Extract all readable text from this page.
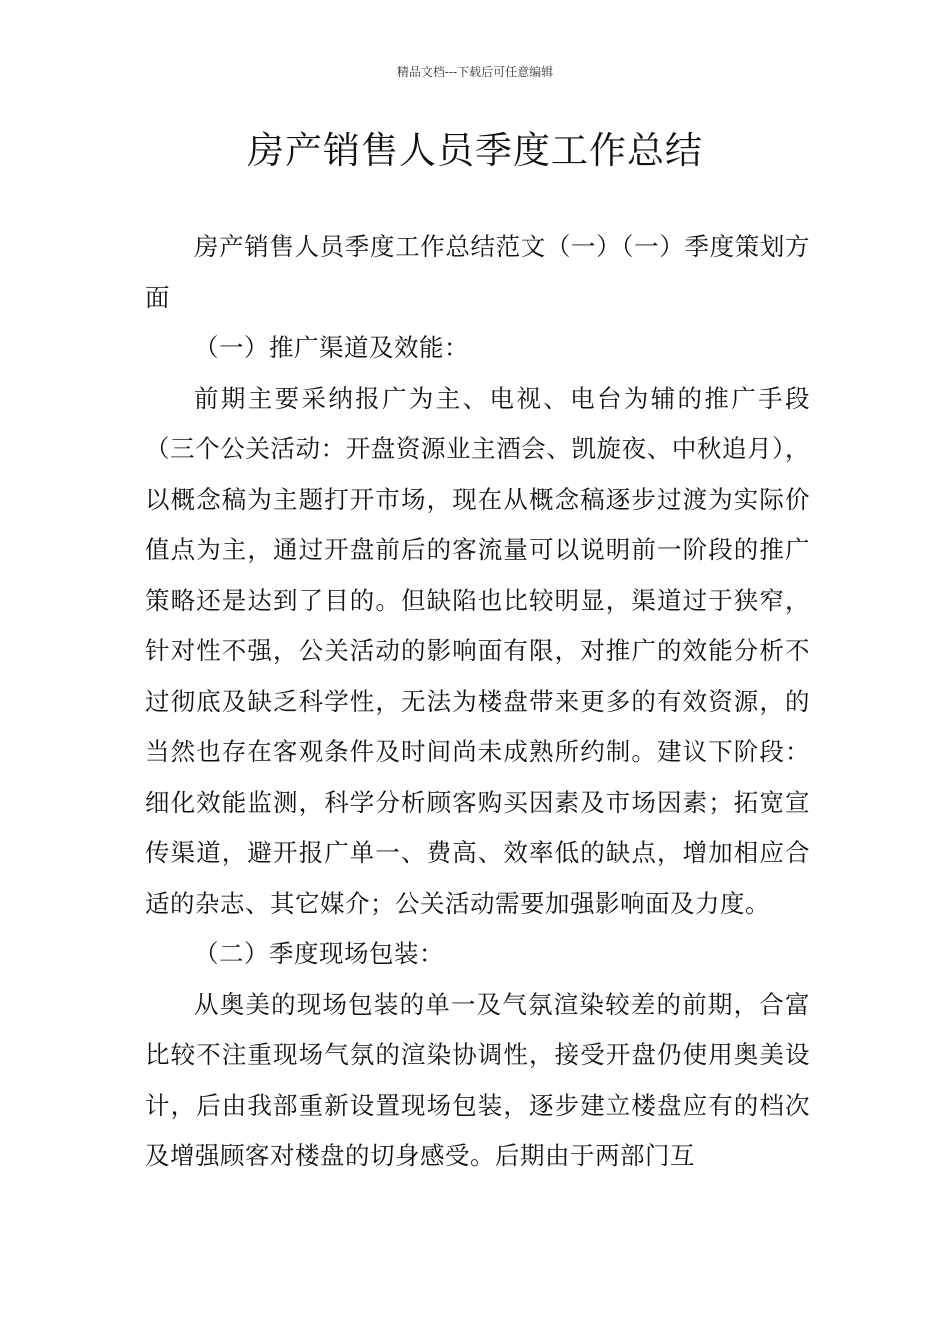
精品文档---下载后可任意编辑
房产销售人员季度工作总结

房产销售人员季度工作总结范文（一）（一）季度策划方面

（一）推广渠道及效能：

前期主要采纳报广为主、电视、电台为辅的推广手段（三个公关活动：开盘资源业主酒会、凯旋夜、中秋追月），以概念稿为主题打开市场，现在从概念稿逐步过渡为实际价值点为主，通过开盘前后的客流量可以说明前一阶段的推广策略还是达到了目的。但缺陷也比较明显，渠道过于狭窄，针对性不强，公关活动的影响面有限，对推广的效能分析不过彻底及缺乏科学性，无法为楼盘带来更多的有效资源，的当然也存在客观条件及时间尚未成熟所约制。建议下阶段：细化效能监测，科学分析顾客购买因素及市场因素；拓宽宣传渠道，避开报广单一、费高、效率低的缺点，增加相应合适的杂志、其它媒介；公关活动需要加强影响面及力度。

（二）季度现场包装：

从奥美的现场包装的单一及气氛渲染较差的前期，合富比较不注重现场气氛的渲染协调性，接受开盘仍使用奥美设计，后由我部重新设置现场包装，逐步建立楼盘应有的档次及增强顾客对楼盘的切身感受。后期由于两部门互
